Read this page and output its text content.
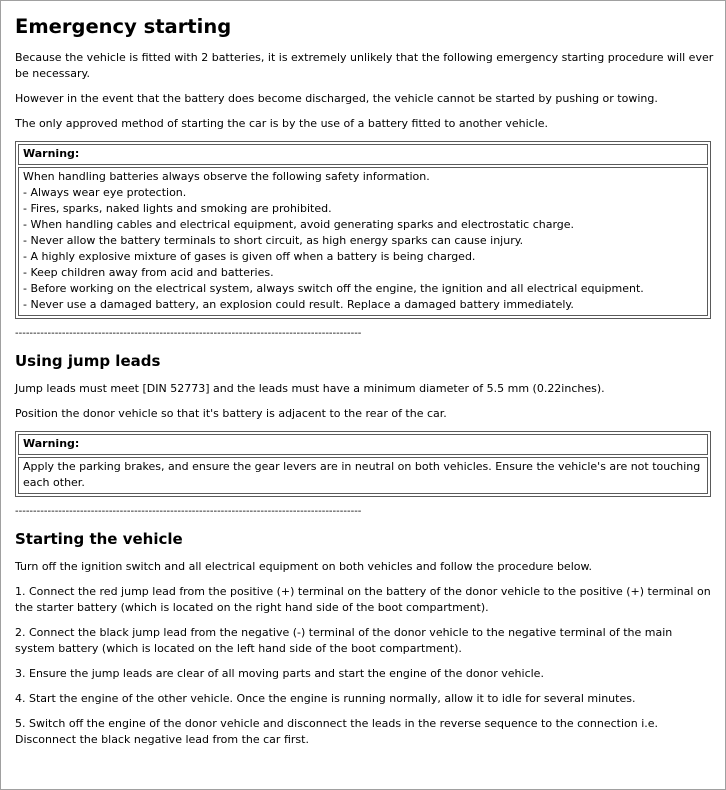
Emergency starting

Because the vehicle is fitted with 2 batteries, it is extremely unlikely that the following emergency starting procedure will ever be necessary.

However in the event that the battery does become discharged, the vehicle cannot be started by pushing or towing.

The only approved method of starting the car is by the use of a battery fitted to another vehicle.

Warning:
When handling batteries always observe the following safety information.
- Always wear eye protection.
- Fires, sparks, naked lights and smoking are prohibited.
- When handling cables and electrical equipment, avoid generating sparks and electrostatic charge.
- Never allow the battery terminals to short circuit, as high energy sparks can cause injury.
- A highly explosive mixture of gases is given off when a battery is being charged.
- Keep children away from acid and batteries.
- Before working on the electrical system, always switch off the engine, the ignition and all electrical equipment.
- Never use a damaged battery, an explosion could result. Replace a damaged battery immediately.
------------------------------------------------------------------------------------------------
Using jump leads

Jump leads must meet [DIN 52773] and the leads must have a minimum diameter of 5.5 mm (0.22inches).

Position the donor vehicle so that it's battery is adjacent to the rear of the car.

Warning:
Apply the parking brakes, and ensure the gear levers are in neutral on both vehicles. Ensure the vehicle's are not touching each other.
------------------------------------------------------------------------------------------------
Starting the vehicle

Turn off the ignition switch and all electrical equipment on both vehicles and follow the procedure below.

1. Connect the red jump lead from the positive (+) terminal on the battery of the donor vehicle to the positive (+) terminal on the starter battery (which is located on the right hand side of the boot compartment).

2. Connect the black jump lead from the negative (-) terminal of the donor vehicle to the negative terminal of the main system battery (which is located on the left hand side of the boot compartment).

3. Ensure the jump leads are clear of all moving parts and start the engine of the donor vehicle.

4. Start the engine of the other vehicle. Once the engine is running normally, allow it to idle for several minutes.

5. Switch off the engine of the donor vehicle and disconnect the leads in the reverse sequence to the connection i.e. Disconnect the black negative lead from the car first.
